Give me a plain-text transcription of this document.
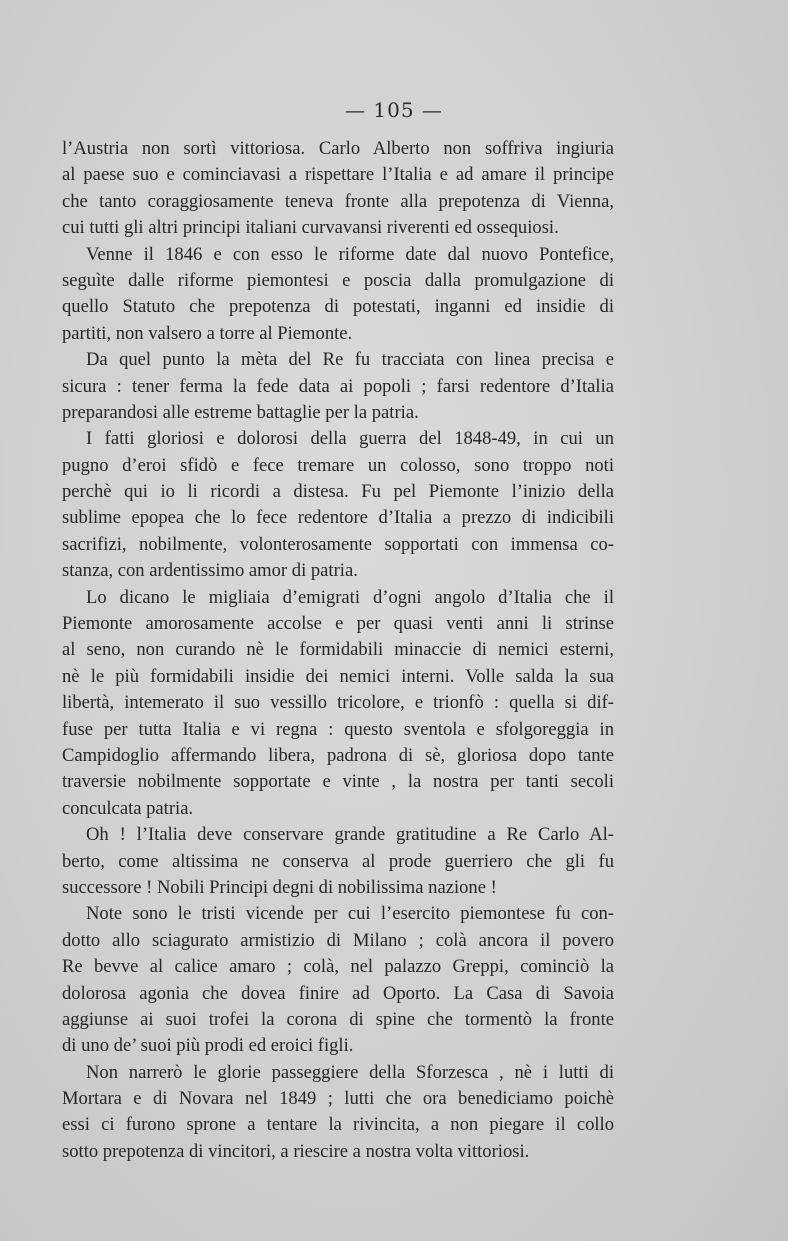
— 105 —

l’Austria non sortì vittoriosa. Carlo Alberto non soffriva ingiuria
al paese suo e cominciavasi a rispettare l’Italia e ad amare il principe
che tanto coraggiosamente teneva fronte alla prepotenza di Vienna,
cui tutti gli altri principi italiani curvavansi riverenti ed ossequiosi.

Venne il 1846 e con esso le riforme date dal nuovo Pontefice,
seguìte dalle riforme piemontesi e poscia dalla promulgazione di
quello Statuto che prepotenza di potestati, inganni ed insidie di
partiti, non valsero a torre al Piemonte.

Da quel punto la mèta del Re fu tracciata con linea precisa e
sicura : tener ferma la fede data ai popoli ; farsi redentore d’Italia
preparandosi alle estreme battaglie per la patria.

I fatti gloriosi e dolorosi della guerra del 1848-49, in cui un
pugno d’eroi sfidò e fece tremare un colosso, sono troppo noti
perchè qui io li ricordi a distesa. Fu pel Piemonte l’inizio della
sublime epopea che lo fece redentore d’Italia a prezzo di indicibili
sacrifizi, nobilmente, volonterosamente sopportati con immensa co-
stanza, con ardentissimo amor di patria.

Lo dicano le migliaia d’emigrati d’ogni angolo d’Italia che il
Piemonte amorosamente accolse e per quasi venti anni li strinse
al seno, non curando nè le formidabili minaccie di nemici esterni,
nè le più formidabili insidie dei nemici interni. Volle salda la sua
libertà, intemerato il suo vessillo tricolore, e trionfò : quella si dif-
fuse per tutta Italia e vi regna : questo sventola e sfolgoreggia in
Campidoglio affermando libera, padrona di sè, gloriosa dopo tante
traversie nobilmente sopportate e vinte , la nostra per tanti secoli
conculcata patria.

Oh ! l’Italia deve conservare grande gratitudine a Re Carlo Al-
berto, come altissima ne conserva al prode guerriero che gli fu
successore ! Nobili Principi degni di nobilissima nazione !

Note sono le tristi vicende per cui l’esercito piemontese fu con-
dotto allo sciagurato armistizio di Milano ; colà ancora il povero
Re bevve al calice amaro ; colà, nel palazzo Greppi, cominciò la
dolorosa agonia che dovea finire ad Oporto. La Casa di Savoia
aggiunse ai suoi trofei la corona di spine che tormentò la fronte
di uno de’ suoi più prodi ed eroici figli.

Non narrerò le glorie passeggiere della Sforzesca , nè i lutti di
Mortara e di Novara nel 1849 ; lutti che ora benediciamo poichè
essi ci furono sprone a tentare la rivincita, a non piegare il collo
sotto prepotenza di vincitori, a riescire a nostra volta vittoriosi.
